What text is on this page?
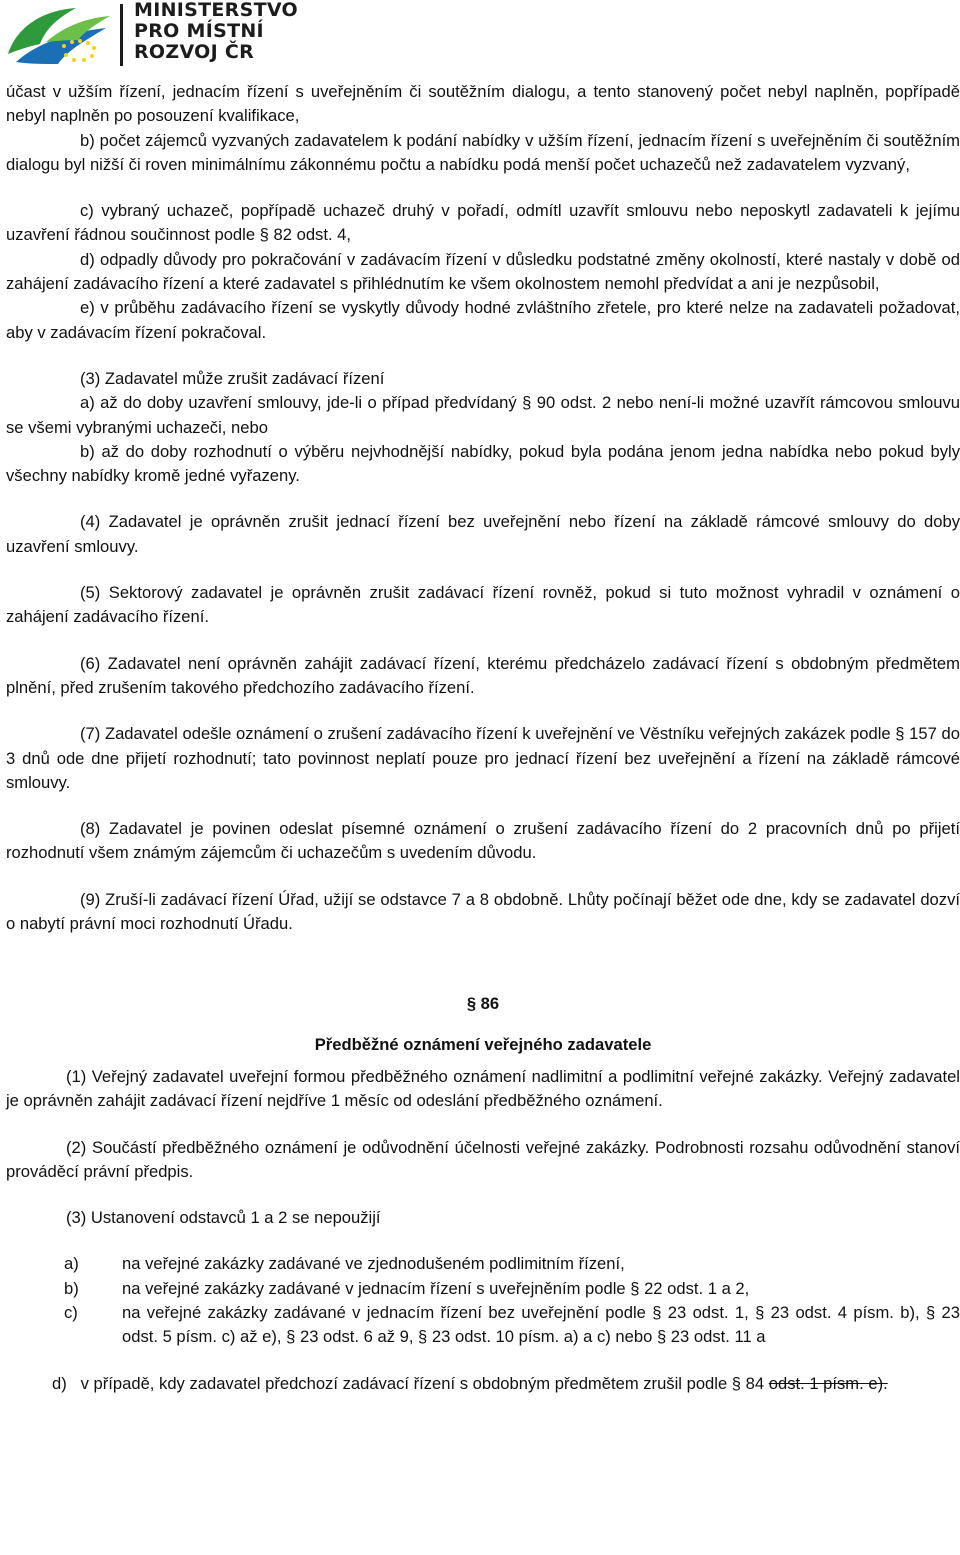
MINISTERSTVO
PRO MÍSTNÍ
ROZVOJ ČR

účast v užším řízení, jednacím řízení s uveřejněním či soutěžním dialogu, a tento stanovený počet nebyl naplněn, popřípadě nebyl naplněn po posouzení kvalifikace,

b) počet zájemců vyzvaných zadavatelem k podání nabídky v užším řízení, jednacím řízení s uveřejněním či soutěžním dialogu byl nižší či roven minimálnímu zákonnému počtu a nabídku podá menší počet uchazečů než zadavatelem vyzvaný,

c) vybraný uchazeč, popřípadě uchazeč druhý v pořadí, odmítl uzavřít smlouvu nebo neposkytl zadavateli k jejímu uzavření řádnou součinnost podle § 82 odst. 4,

d) odpadly důvody pro pokračování v zadávacím řízení v důsledku podstatné změny okolností, které nastaly v době od zahájení zadávacího řízení a které zadavatel s přihlédnutím ke všem okolnostem nemohl předvídat a ani je nezpůsobil,

e) v průběhu zadávacího řízení se vyskytly důvody hodné zvláštního zřetele, pro které nelze na zadavateli požadovat, aby v zadávacím řízení pokračoval.

(3) Zadavatel může zrušit zadávací řízení

a) až do doby uzavření smlouvy, jde-li o případ předvídaný § 90 odst. 2 nebo není-li možné uzavřít rámcovou smlouvu se všemi vybranými uchazeči, nebo

b) až do doby rozhodnutí o výběru nejvhodnější nabídky, pokud byla podána jenom jedna nabídka nebo pokud byly všechny nabídky kromě jedné vyřazeny.

(4) Zadavatel je oprávněn zrušit jednací řízení bez uveřejnění nebo řízení na základě rámcové smlouvy do doby uzavření smlouvy.

(5) Sektorový zadavatel je oprávněn zrušit zadávací řízení rovněž, pokud si tuto možnost vyhradil v oznámení o zahájení zadávacího řízení.

(6) Zadavatel není oprávněn zahájit zadávací řízení, kterému předcházelo zadávací řízení s obdobným předmětem plnění, před zrušením takového předchozího zadávacího řízení.

(7) Zadavatel odešle oznámení o zrušení zadávacího řízení k uveřejnění ve Věstníku veřejných zakázek podle § 157 do 3 dnů ode dne přijetí rozhodnutí; tato povinnost neplatí pouze pro jednací řízení bez uveřejnění a řízení na základě rámcové smlouvy.

(8) Zadavatel je povinen odeslat písemné oznámení o zrušení zadávacího řízení do 2 pracovních dnů po přijetí rozhodnutí všem známým zájemcům či uchazečům s uvedením důvodu.

(9) Zruší-li zadávací řízení Úřad, užijí se odstavce 7 a 8 obdobně. Lhůty počínají běžet ode dne, kdy se zadavatel dozví o nabytí právní moci rozhodnutí Úřadu.

§ 86

Předběžné oznámení veřejného zadavatele

(1) Veřejný zadavatel uveřejní formou předběžného oznámení nadlimitní a podlimitní veřejné zakázky. Veřejný zadavatel je oprávněn zahájit zadávací řízení nejdříve 1 měsíc od odeslání předběžného oznámení.

(2) Součástí předběžného oznámení je odůvodnění účelnosti veřejné zakázky. Podrobnosti rozsahu odůvodnění stanoví prováděcí právní předpis.

(3) Ustanovení odstavců 1 a 2 se nepoužijí

a)	na veřejné zakázky zadávané ve zjednodušeném podlimitním řízení,
b)	na veřejné zakázky zadávané v jednacím řízení s uveřejněním podle § 22 odst. 1 a 2,
c)	na veřejné zakázky zadávané v jednacím řízení bez uveřejnění podle § 23 odst. 1, § 23 odst. 4 písm. b), § 23 odst. 5 písm. c) až e), § 23 odst. 6 až 9, § 23 odst. 10 písm. a) a c) nebo § 23 odst. 11 a

d) v případě, kdy zadavatel předchozí zadávací řízení s obdobným předmětem zrušil podle § 84 odst. 1 písm. e).
